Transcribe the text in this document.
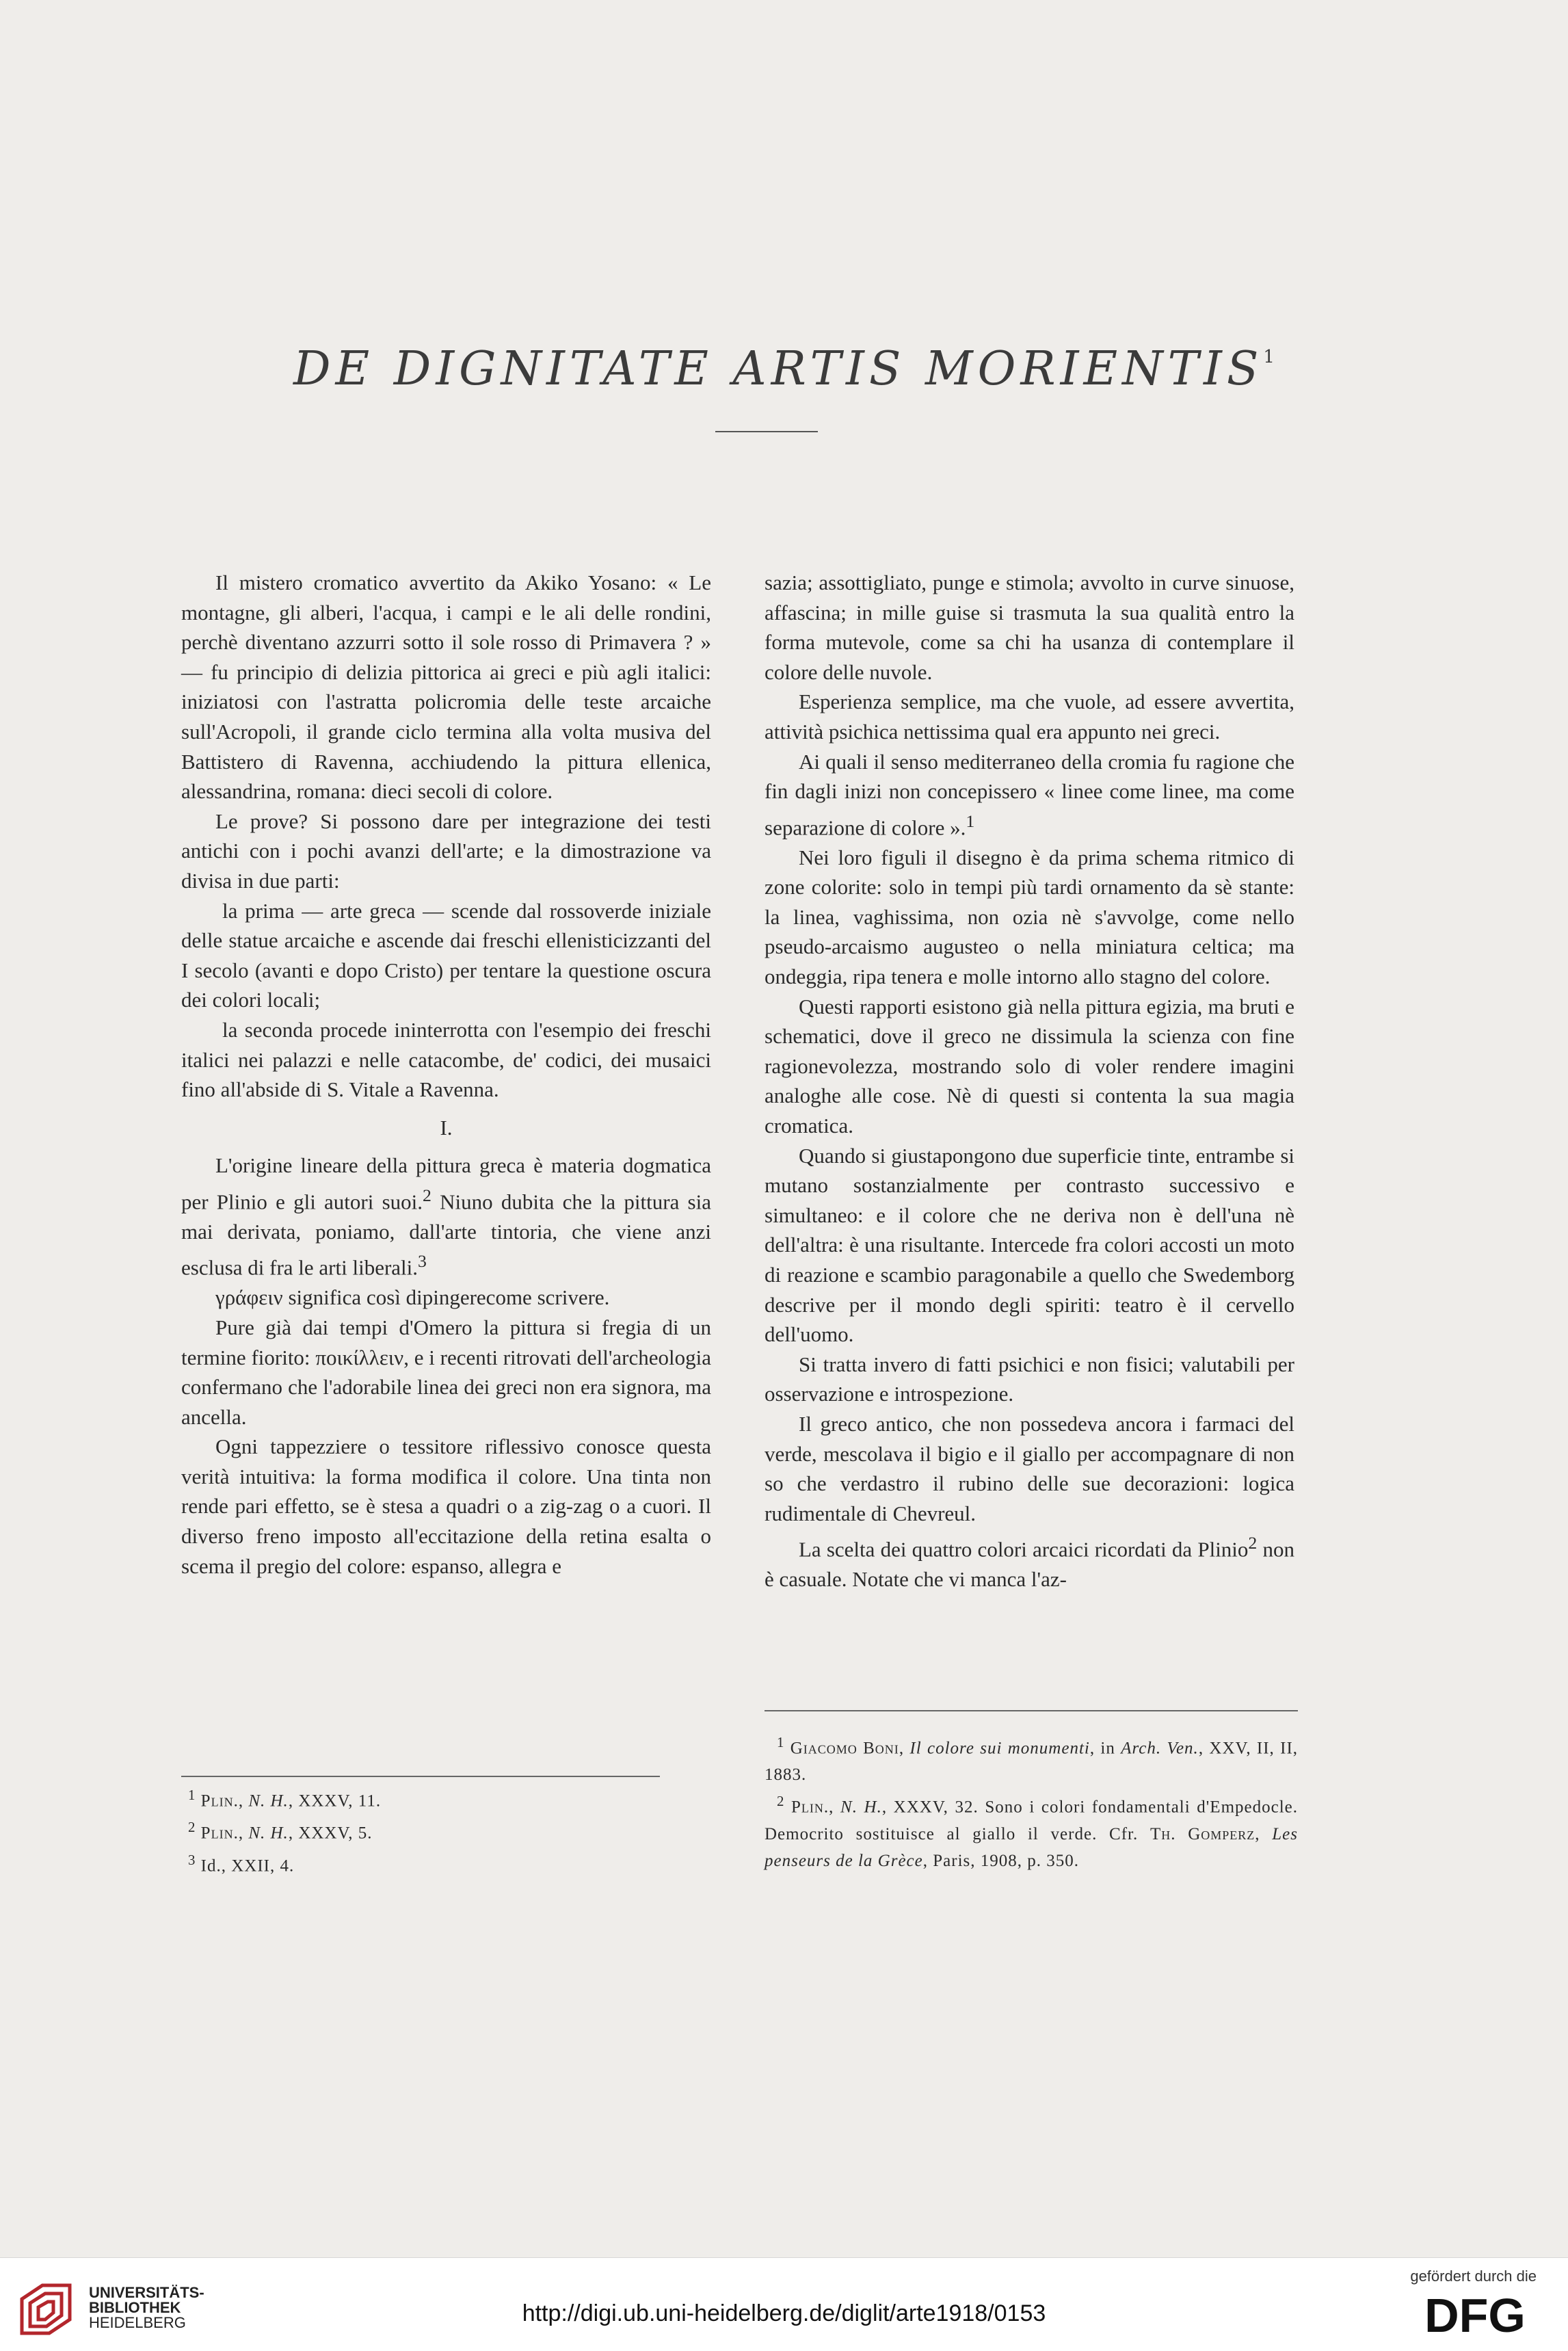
DE DIGNITATE ARTIS MORIENTIS$^1$

Il mistero cromatico avvertito da Akiko Yosano: « Le montagne, gli alberi, l'acqua, i campi e le ali delle rondini, perchè diventano azzurri sotto il sole rosso di Primavera ? » — fu principio di delizia pittorica ai greci e più agli italici: iniziatosi con l'astratta policromia delle teste arcaiche sull'Acropoli, il grande ciclo termina alla volta musiva del Battistero di Ravenna, acchiudendo la pittura ellenica, alessandrina, romana: dieci secoli di colore.

Le prove? Si possono dare per integrazione dei testi antichi con i pochi avanzi dell'arte; e la dimostrazione va divisa in due parti:

la prima — arte greca — scende dal rossoverde iniziale delle statue arcaiche e ascende dai freschi ellenisticizzanti del I secolo (avanti e dopo Cristo) per tentare la questione oscura dei colori locali;

la seconda procede ininterrotta con l'esempio dei freschi italici nei palazzi e nelle catacombe, de' codici, dei musaici fino all'abside di S. Vitale a Ravenna.

I.

L'origine lineare della pittura greca è materia dogmatica per Plinio e gli autori suoi.$^2$ Niuno dubita che la pittura sia mai derivata, poniamo, dall'arte tintoria, che viene anzi esclusa di fra le arti liberali.$^3$

γράφειν significa così dipingerecome scrivere.

Pure già dai tempi d'Omero la pittura si fregia di un termine fiorito: ποικίλλειν, e i recenti ritrovati dell'archeologia confermano che l'adorabile linea dei greci non era signora, ma ancella.

Ogni tappezziere o tessitore riflessivo conosce questa verità intuitiva: la forma modifica il colore. Una tinta non rende pari effetto, se è stesa a quadri o a zig-zag o a cuori. Il diverso freno imposto all'eccitazione della retina esalta o scema il pregio del colore: espanso, allegra e

sazia; assottigliato, punge e stimola; avvolto in curve sinuose, affascina; in mille guise si trasmuta la sua qualità entro la forma mutevole, come sa chi ha usanza di contemplare il colore delle nuvole.

Esperienza semplice, ma che vuole, ad essere avvertita, attività psichica nettissima qual era appunto nei greci.

Ai quali il senso mediterraneo della cromia fu ragione che fin dagli inizi non concepissero « linee come linee, ma come separazione di colore ».$^1$

Nei loro figuli il disegno è da prima schema ritmico di zone colorite: solo in tempi più tardi ornamento da sè stante: la linea, vaghissima, non ozia nè s'avvolge, come nello pseudo-arcaismo augusteo o nella miniatura celtica; ma ondeggia, ripa tenera e molle intorno allo stagno del colore.

Questi rapporti esistono già nella pittura egizia, ma bruti e schematici, dove il greco ne dissimula la scienza con fine ragionevolezza, mostrando solo di voler rendere imagini analoghe alle cose. Nè di questi si contenta la sua magia cromatica.

Quando si giustapongono due superficie tinte, entrambe si mutano sostanzialmente per contrasto successivo e simultaneo: e il colore che ne deriva non è dell'una nè dell'altra: è una risultante. Intercede fra colori accosti un moto di reazione e scambio paragonabile a quello che Swedemborg descrive per il mondo degli spiriti: teatro è il cervello dell'uomo.

Si tratta invero di fatti psichici e non fisici; valutabili per osservazione e introspezione.

Il greco antico, che non possedeva ancora i farmaci del verde, mescolava il bigio e il giallo per accompagnare di non so che verdastro il rubino delle sue decorazioni: logica rudimentale di Chevreul.

La scelta dei quattro colori arcaici ricordati da Plinio$^2$ non è casuale. Notate che vi manca l'az-

$^1$ Plin., N. H., XXXV, 11.

$^2$ Plin., N. H., XXXV, 5.

$^3$ Id., XXII, 4.

$^1$ Giacomo Boni, Il colore sui monumenti, in Arch. Ven., XXV, II, II, 1883.

$^2$ Plin., N. H., XXXV, 32. Sono i colori fondamentali d'Empedocle. Democrito sostituisce al giallo il verde. Cfr. Th. Gomperz, Les penseurs de la Grèce, Paris, 1908, p. 350.

UNIVERSITÄTS-
BIBLIOTHEK
HEIDELBERG	http://digi.ub.uni-heidelberg.de/diglit/arte1918/0153
gefördert durch die
DFG
